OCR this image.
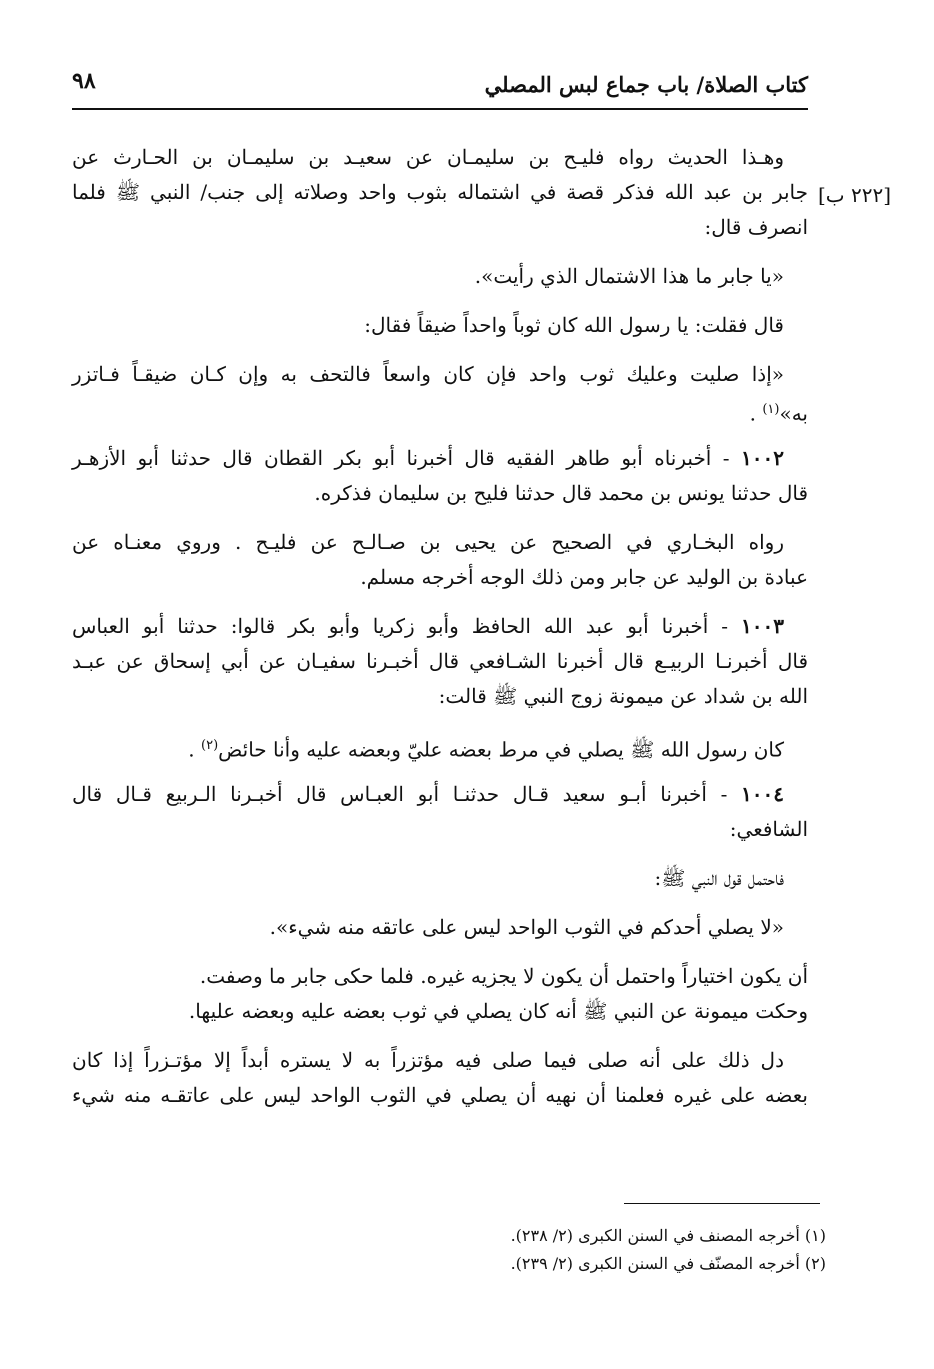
كتاب الصلاة/ باب جماع لبس المصلي
٩٨
[٢٢٢ ب]
وهـذا الحديث رواه فليـح بن سليمـان عن سعيـد بن سليمـان بن الحـارث عن
جابر بن عبد الله فذكر قصة في اشتماله بثوب واحد وصلاته إلى جنب/ النبي ﷺ فلما
انصرف قال:
«يا جابر ما هذا الاشتمال الذي رأيت».
قال فقلت: يا رسول الله كان ثوباً واحداً ضيقاً فقال:
«إذا صليت وعليك ثوب واحد فإن كان واسعاً فالتحف به وإن كـان ضيقـاً فـاتزر
به»$^{(١)}$ .
١٠٠٢ - أخبرناه أبو طاهر الفقيه قال أخبرنا أبو بكر القطان قال حدثنا أبو الأزهـر
قال حدثنا يونس بن محمد قال حدثنا فليح بن سليمان فذكره.
رواه البخـاري في الصحيح عن يحيى بن صـالـح عن فليـح . وروي معنـاه عن
عبادة بن الوليد عن جابر ومن ذلك الوجه أخرجه مسلم.
١٠٠٣ - أخبرنا أبو عبد الله الحافظ وأبو زكريا وأبو بكر قالوا: حدثنا أبو العباس
قال أخبرنـا الربيـع قال أخبرنا الشـافعي قال أخبـرنا سفيـان عن أبي إسحاق عن عبـد
الله بن شداد عن ميمونة زوج النبي ﷺ قالت:
كان رسول الله ﷺ يصلي في مرط بعضه عليّ وبعضه عليه وأنا حائض$^{(٢)}$ .
١٠٠٤ - أخبرنا أبـو سعيد قـال حدثنـا أبو العبـاس قال أخبـرنا الـربيع قـال قال
الشافعي:
فاحتمل قول النبي ﷺ:
«لا يصلي أحدكم في الثوب الواحد ليس على عاتقه منه شيء».
أن يكون اختياراً واحتمل أن يكون لا يجزيه غيره. فلما حكى جابر ما وصفت.
وحكت ميمونة عن النبي ﷺ أنه كان يصلي في ثوب بعضه عليه وبعضه عليها.
دل ذلك على أنه صلى فيما صلى فيه مؤتزراً به لا يستره أبداً إلا مؤتـزراً إذا كان
بعضه على غيره فعلمنا أن نهيه أن يصلي في الثوب الواحد ليس على عاتقـه منه شيء
(١) أخرجه المصنف في السنن الكبرى (٢/ ٢٣٨).
(٢) أخرجه المصنّف في السنن الكبرى (٢/ ٢٣٩).
